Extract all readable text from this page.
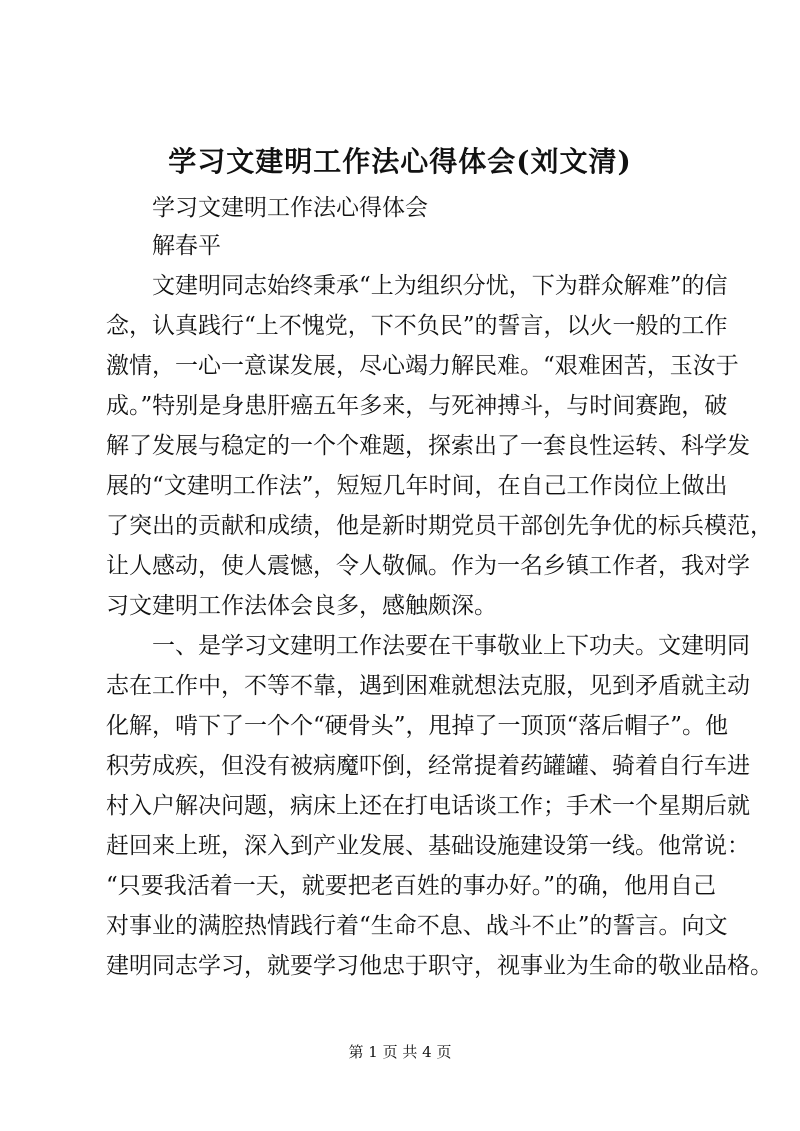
学习文建明工作法心得体会(刘文清)
学习文建明工作法心得体会
解春平
文建明同志始终秉承“上为组织分忧，下为群众解难”的信
念，认真践行“上不愧党，下不负民”的誓言，以火一般的工作
激情，一心一意谋发展，尽心竭力解民难。“艰难困苦，玉汝于
成。”特别是身患肝癌五年多来，与死神搏斗，与时间赛跑，破
解了发展与稳定的一个个难题，探索出了一套良性运转、科学发
展的“文建明工作法”，短短几年时间，在自己工作岗位上做出
了突出的贡献和成绩，他是新时期党员干部创先争优的标兵模范，
让人感动，使人震憾，令人敬佩。作为一名乡镇工作者，我对学
习文建明工作法体会良多，感触颇深。
一、是学习文建明工作法要在干事敬业上下功夫。文建明同
志在工作中，不等不靠，遇到困难就想法克服，见到矛盾就主动
化解，啃下了一个个“硬骨头”，甩掉了一顶顶“落后帽子”。他
积劳成疾，但没有被病魔吓倒，经常提着药罐罐、骑着自行车进
村入户解决问题，病床上还在打电话谈工作；手术一个星期后就
赶回来上班，深入到产业发展、基础设施建设第一线。他常说：
“只要我活着一天，就要把老百姓的事办好。”的确，他用自己
对事业的满腔热情践行着“生命不息、战斗不止”的誓言。向文
建明同志学习，就要学习他忠于职守，视事业为生命的敬业品格。
第 1 页 共 4 页
